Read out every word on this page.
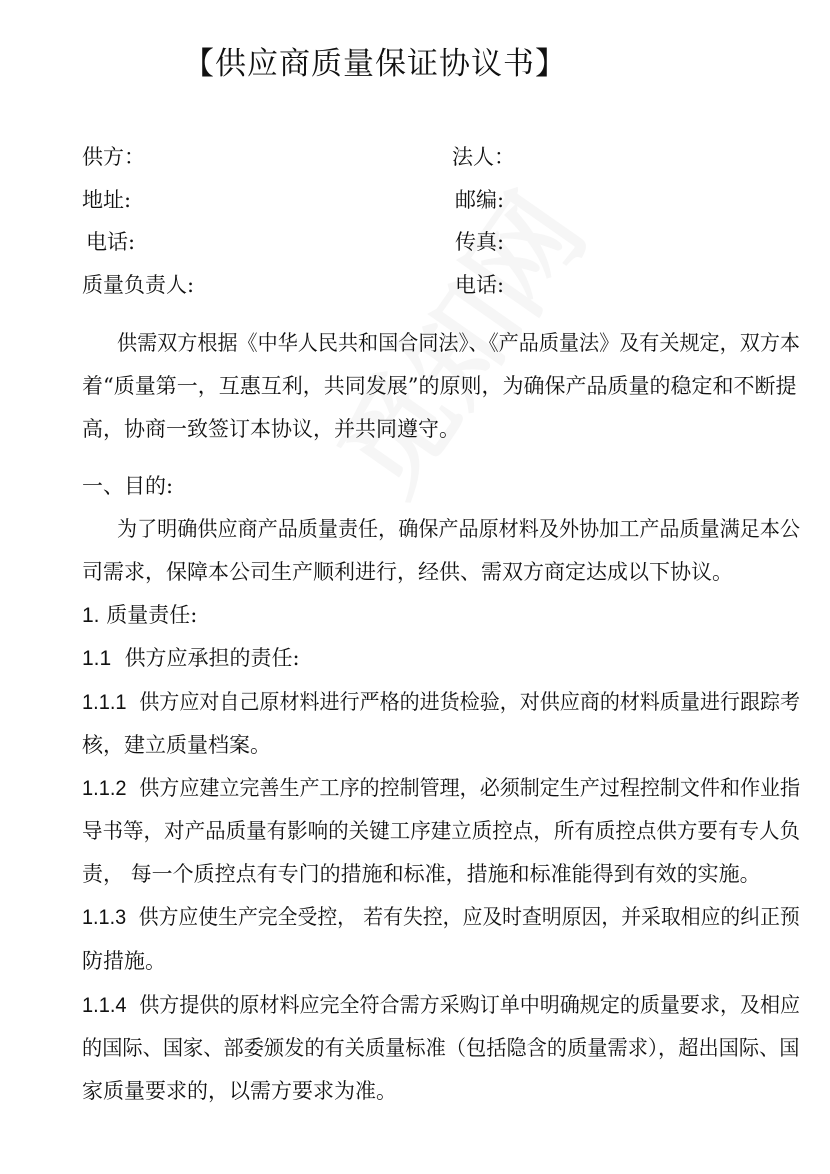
【供应商质量保证协议书】
供方：	法人：
地址:	邮编:
电话:	传真:
质量负责人:	电话:
供需双方根据《中华人民共和国合同法》、《产品质量法》及有关规定，双方本
着“质量第一，互惠互利，共同发展”的原则，为确保产品质量的稳定和不断提
高，协商一致签订本协议，并共同遵守。
一、目的:
为了明确供应商产品质量责任，确保产品原材料及外协加工产品质量满足本公
司需求，保障本公司生产顺利进行，经供、需双方商定达成以下协议。
1. 质量责任:
1.1 供方应承担的责任:
1.1.1 供方应对自己原材料进行严格的进货检验，对供应商的材料质量进行跟踪考
核，建立质量档案。
1.1.2 供方应建立完善生产工序的控制管理，必须制定生产过程控制文件和作业指
导书等，对产品质量有影响的关键工序建立质控点，所有质控点供方要有专人负
责， 每一个质控点有专门的措施和标准，措施和标准能得到有效的实施。
1.1.3 供方应使生产完全受控， 若有失控，应及时查明原因，并采取相应的纠正预
防措施。
1.1.4 供方提供的原材料应完全符合需方采购订单中明确规定的质量要求，及相应
的国际、国家、部委颁发的有关质量标准（包括隐含的质量需求），超出国际、国
家质量要求的，以需方要求为准。
